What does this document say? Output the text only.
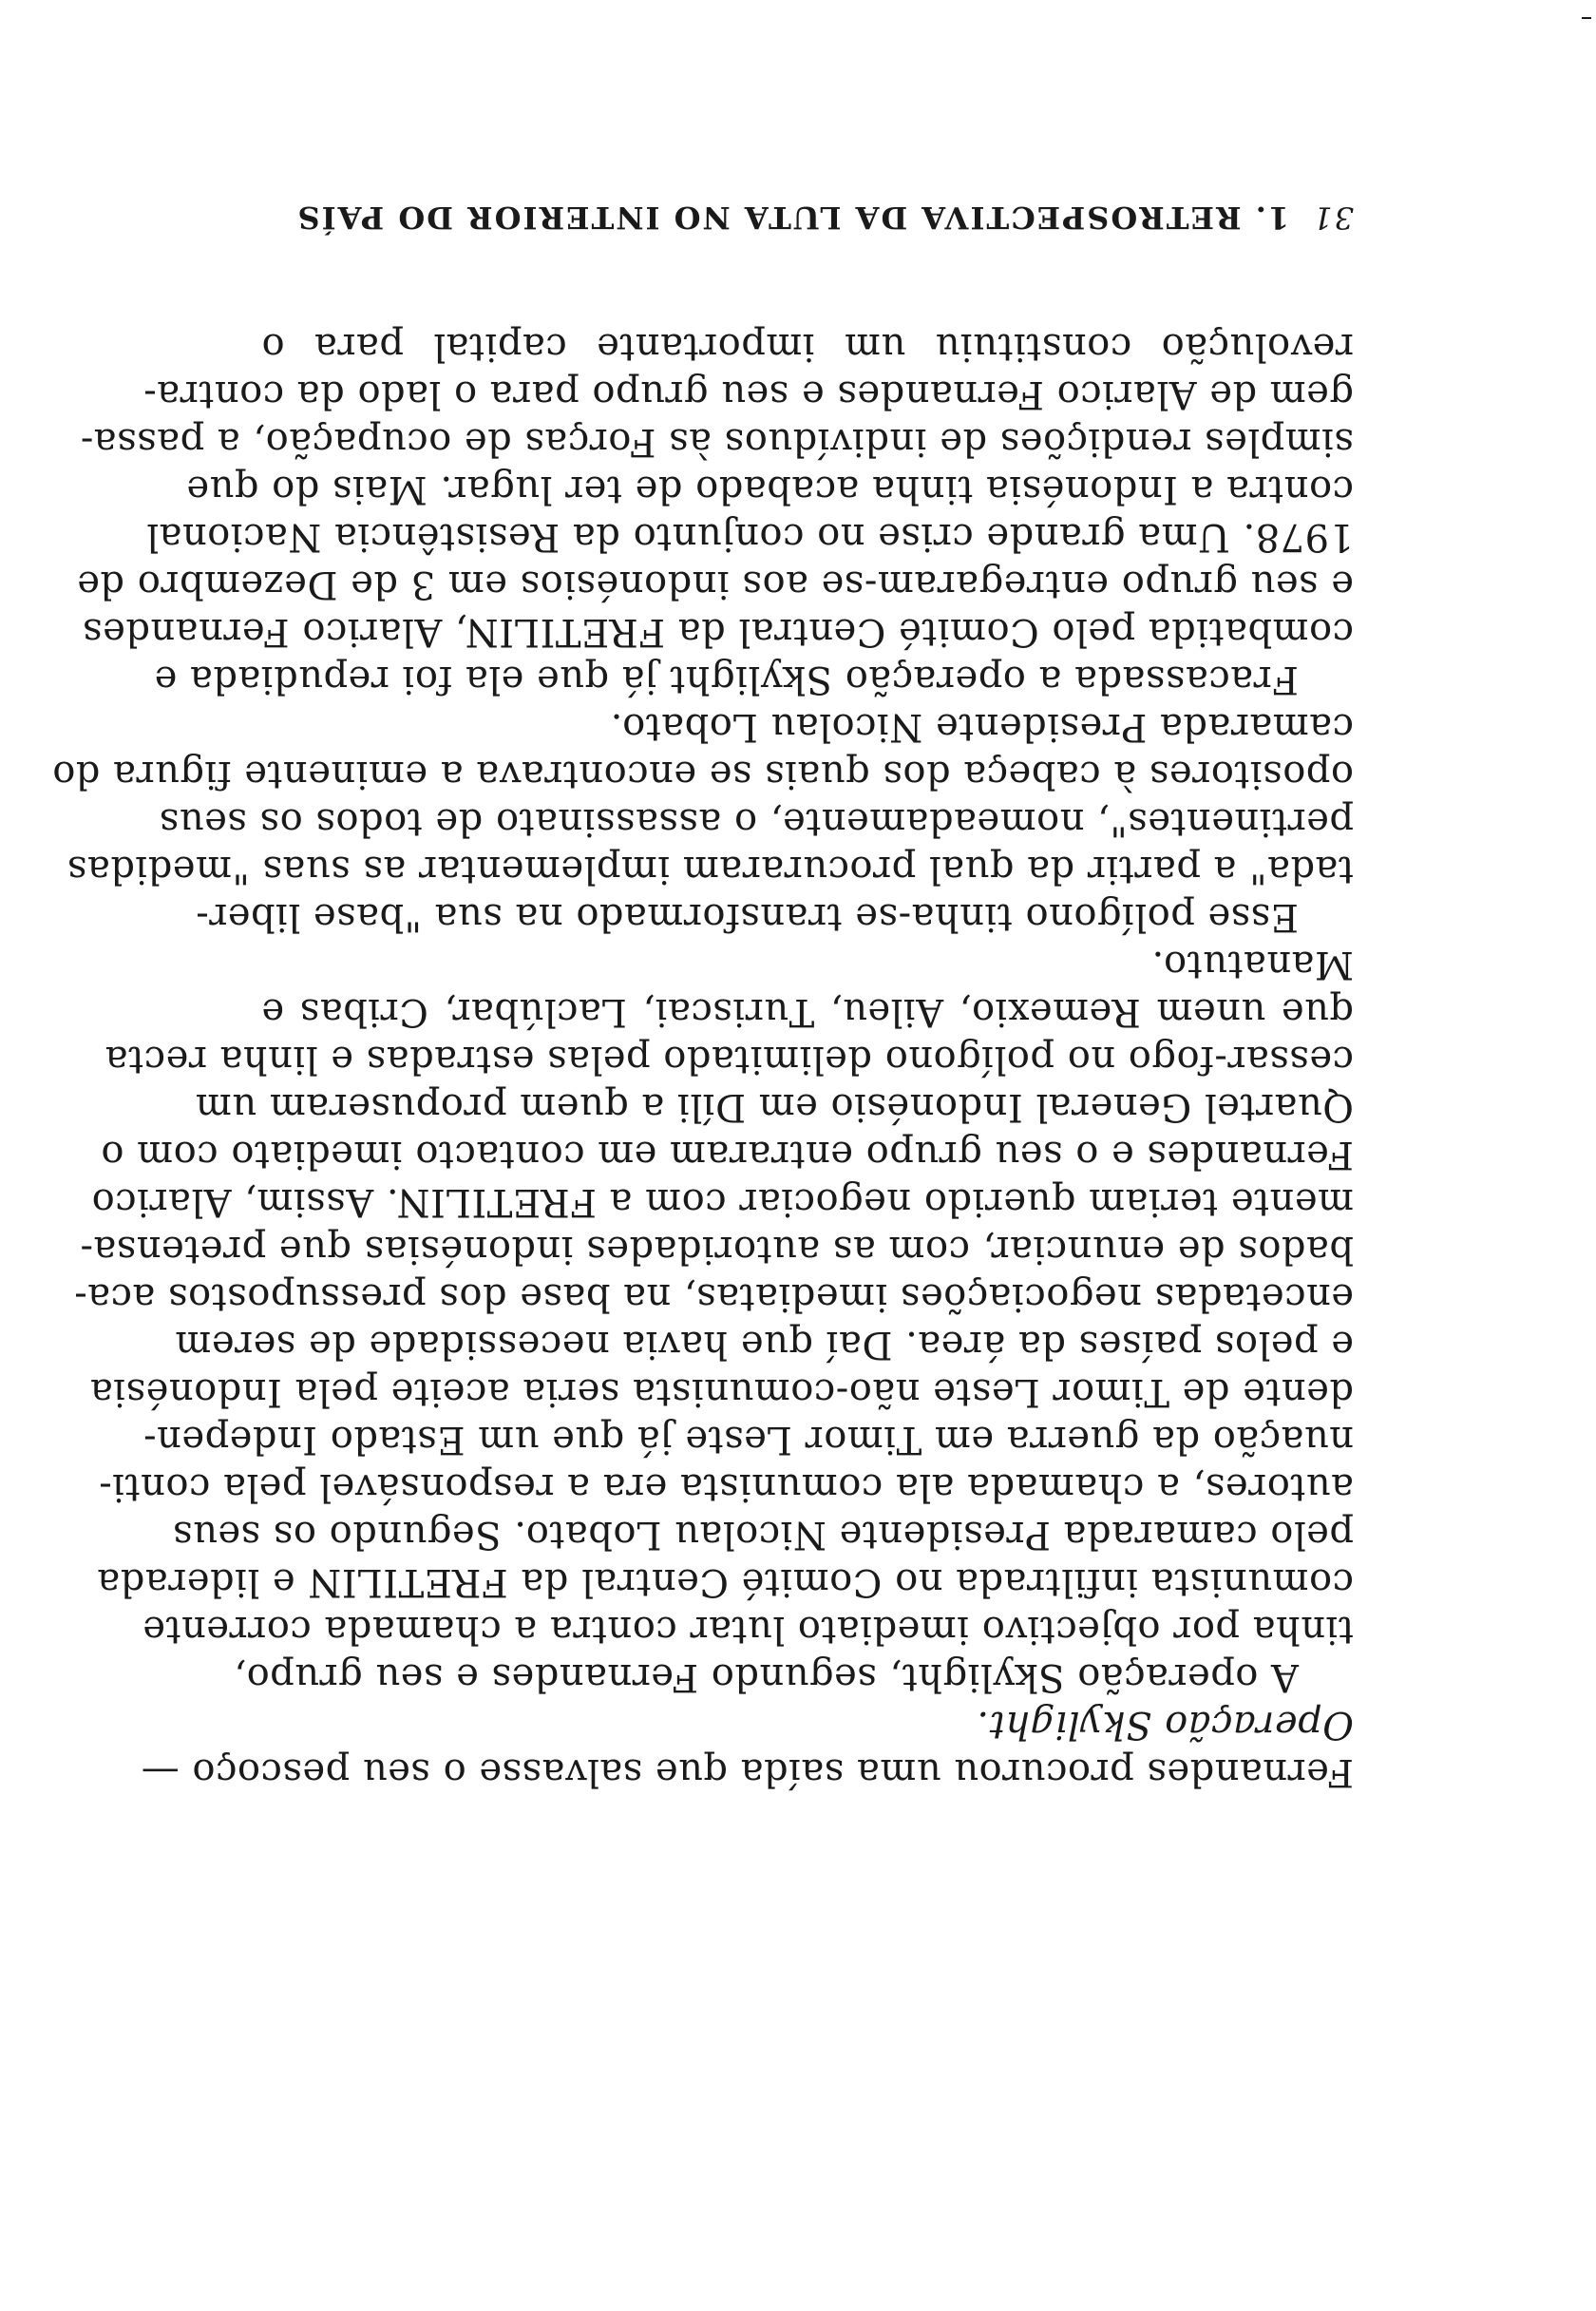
31 1. RETROSPECTIVA DA LUTA NO INTERIOR DO PAÍS
revolução constituiu um importante capital para o
gem de Alarico Fernandes e seu grupo para o lado da contra-
simples rendições de indivíduos às Forças de ocupação, a passa-
contra a Indonésia tinha acabado de ter lugar. Mais do que
1978. Uma grande crise no conjunto da Resistência Nacional
e seu grupo entregaram-se aos indonésios em 3 de Dezembro de
combatida pelo Comité Central da FRETILIN, Alarico Fernandes
Fracassada a operação Skylight já que ela foi repudiada e
camarada Presidente Nicolau Lobato.
opositores à cabeça dos quais se encontrava a eminente figura do
pertinentes", nomeadamente, o assassinato de todos os seus
tada" a partir da qual procuraram implementar as suas "medidas
Esse polígono tinha-se transformado na sua "base liber-
Manatuto.
que unem Remexio, Aileu, Turiscai, Laclúbar, Cribas e
cessar-fogo no polígono delimitado pelas estradas e linha recta
Quartel General Indonésio em Díli a quem propuseram um
Fernandes e o seu grupo entraram em contacto imediato com o
mente teriam querido negociar com a FRETILIN. Assim, Alarico
bados de enunciar, com as autoridades indonésias que pretensa-
encetadas negociações imediatas, na base dos pressupostos aca-
e pelos países da área. Daí que havia necessidade de serem
dente de Timor Leste não-comunista seria aceite pela Indonésia
nuação da guerra em Timor Leste já que um Estado Indepen-
autores, a chamada ala comunista era a responsável pela conti-
pelo camarada Presidente Nicolau Lobato. Segundo os seus
comunista infiltrada no Comité Central da FRETILIN e liderada
tinha por objectivo imediato lutar contra a chamada corrente
A operação Skylight, segundo Fernandes e seu grupo,
Operação Skylight.
Fernandes procurou uma saída que salvasse o seu pescoço —
